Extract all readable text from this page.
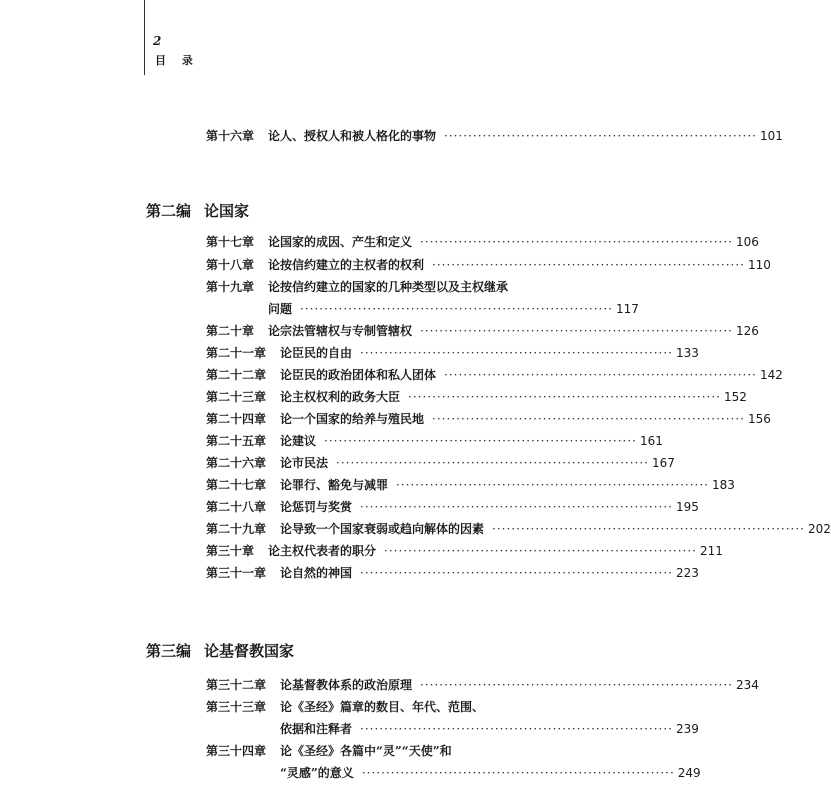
2
目 录
第十六章	论人、授权人和被人格化的事物 ································································· 101
第二编 论国家
第十七章	论国家的成因、产生和定义 ································································· 106
第十八章	论按信约建立的主权者的权利 ································································· 110
第十九章	论按信约建立的国家的几种类型以及主权继承
问题 ································································· 117
第二十章	论宗法管辖权与专制管辖权 ································································· 126
第二十一章	论臣民的自由 ································································· 133
第二十二章	论臣民的政治团体和私人团体 ································································· 142
第二十三章	论主权权利的政务大臣 ································································· 152
第二十四章	论一个国家的给养与殖民地 ································································· 156
第二十五章	论建议 ································································· 161
第二十六章	论市民法 ································································· 167
第二十七章	论罪行、豁免与减罪 ································································· 183
第二十八章	论惩罚与奖赏 ································································· 195
第二十九章	论导致一个国家衰弱或趋向解体的因素 ································································· 202
第三十章	论主权代表者的职分 ································································· 211
第三十一章	论自然的神国 ································································· 223
第三编 论基督教国家
第三十二章	论基督教体系的政治原理 ································································· 234
第三十三章	论《圣经》篇章的数目、年代、范围、
依据和注释者 ································································· 239
第三十四章	论《圣经》各篇中“灵”“天使”和
“灵感”的意义 ································································· 249
